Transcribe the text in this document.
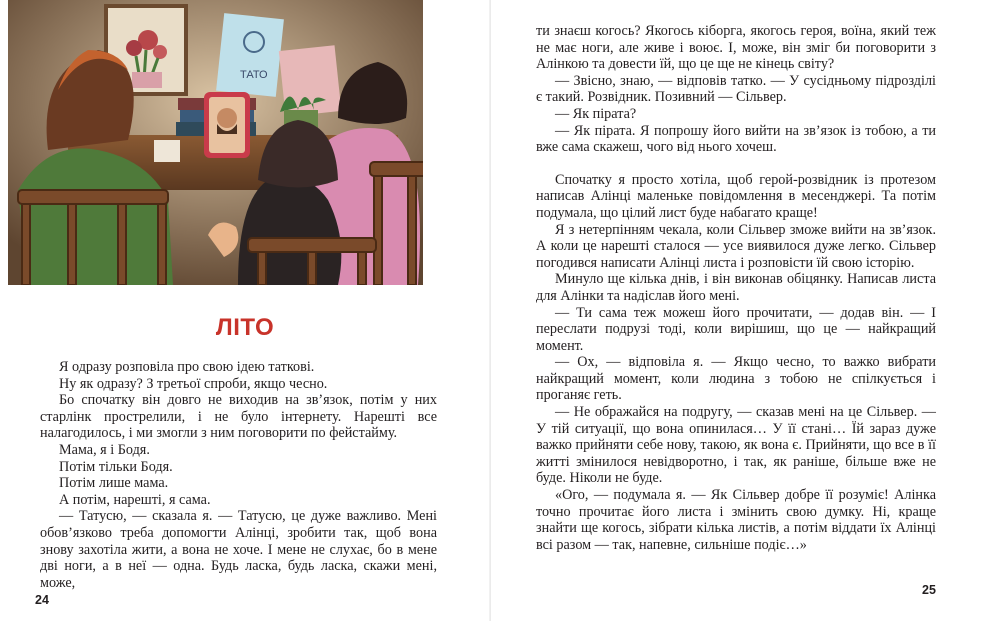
ТАТО
ЛІТО

Я одразу розповіла про свою ідею таткові.

Ну як одразу? З третьої спроби, якщо чесно.

Бо спочатку він довго не виходив на зв’язок, потім у них старлінк прострелили, і не було інтернету. Нарешті все налагодилось, і ми змогли з ним поговорити по фейстайму.

Мама, я і Бодя.

Потім тільки Бодя.

Потім лише мама.

А потім, нарешті, я сама.

— Татусю, — сказала я. — Татусю, це дуже важливо. Мені обов’язково треба допомогти Алінці, зробити так, щоб вона знову захотіла жити, а вона не хоче. І мене не слухає, бо в мене дві ноги, а в неї — одна. Будь ласка, будь ласка, скажи мені, може,

24

ти знаєш когось? Якогось кіборга, якогось героя, воїна, який теж не має ноги, але живе і воює. І, може, він зміг би поговорити з Алінкою та довести їй, що це ще не кінець світу?

— Звісно, знаю, — відповів татко. — У сусідньому підрозділі є такий. Розвідник. Позивний — Сільвер.

— Як пірата?

— Як пірата. Я попрошу його вийти на зв’язок із тобою, а ти вже сама скажеш, чого від нього хочеш.

Спочатку я просто хотіла, щоб герой-розвідник із протезом написав Алінці маленьке повідомлення в месенджері. Та потім подумала, що цілий лист буде набагато краще!

Я з нетерпінням чекала, коли Сільвер зможе вийти на зв’язок. А коли це нарешті сталося — усе виявилося дуже легко. Сільвер погодився написати Алінці листа і розповісти їй свою історію.

Минуло ще кілька днів, і він виконав обіцянку. Написав листа для Алінки та надіслав його мені.

— Ти сама теж можеш його прочитати, — додав він. — І переслати подрузі тоді, коли вирішиш, що це — найкращий момент.

— Ох, — відповіла я. — Якщо чесно, то важко вибрати найкращий момент, коли людина з тобою не спілкується і проганяє геть.

— Не ображайся на подругу, — сказав мені на це Сільвер. — У тій ситуації, що вона опинилася… У її стані… Їй зараз дуже важко прийняти себе нову, такою, як вона є. Прийняти, що все в її житті змінилося невідворотно, і так, як раніше, більше вже не буде. Ніколи не буде.

«Ого, — подумала я. — Як Сільвер добре її розуміє! Алінка точно прочитає його листа і змінить свою думку. Ні, краще знайти ще когось, зібрати кілька листів, а потім віддати їх Алінці всі разом — так, напевне, сильніше подіє…»

25
